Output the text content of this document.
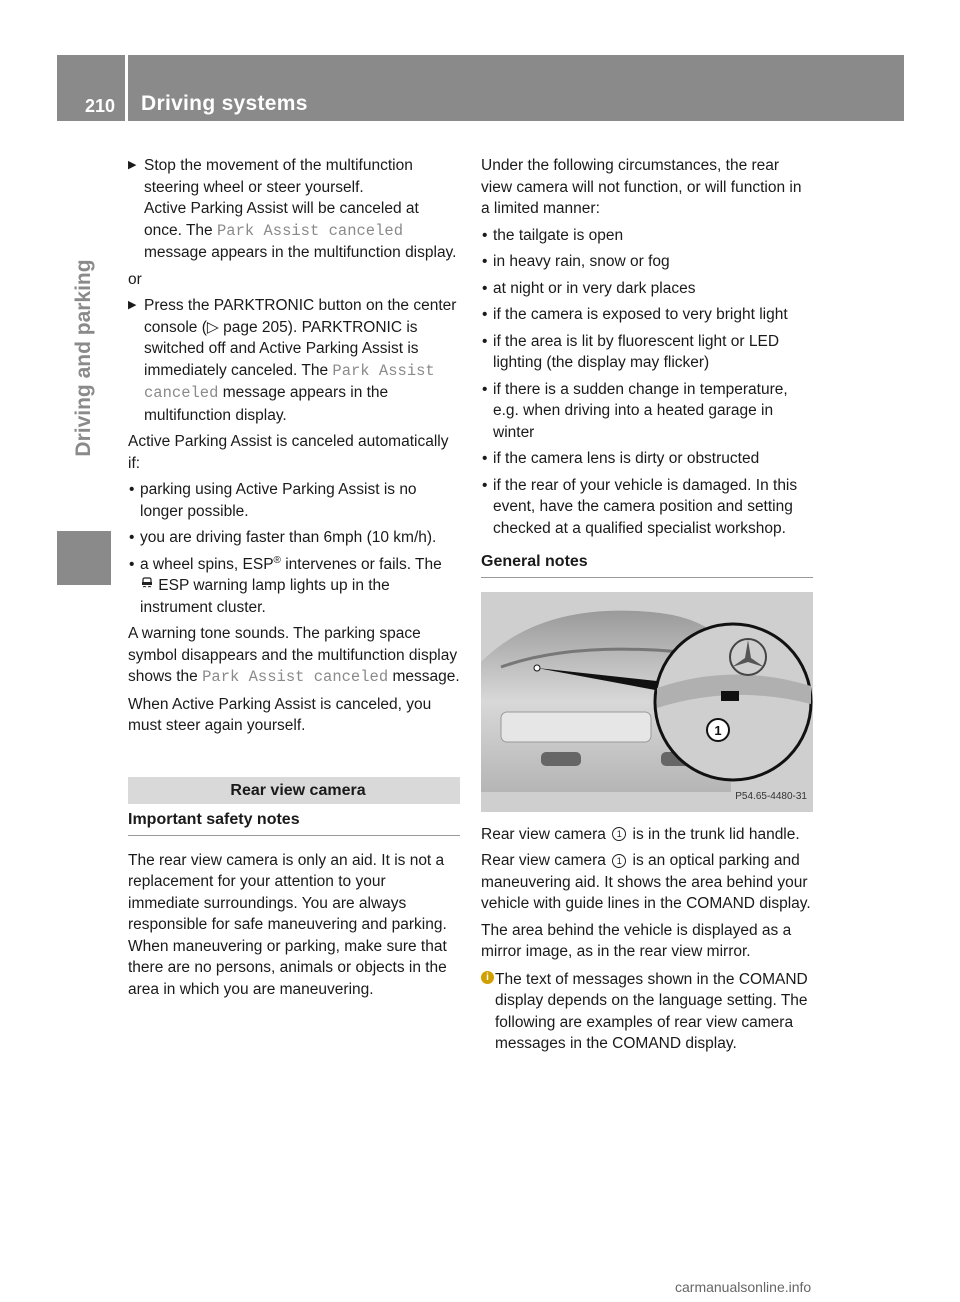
210 Driving systems
Driving and parking
▶ Stop the movement of the multifunction steering wheel or steer yourself.
Active Parking Assist will be canceled at once. The Park Assist canceled message appears in the multifunction display.

or

▶ Press the PARKTRONIC button on the center console (▷ page 205). PARKTRONIC is switched off and Active Parking Assist is immediately canceled. The Park Assist canceled message appears in the multifunction display.

Active Parking Assist is canceled automatically if:

• parking using Active Parking Assist is no longer possible.
• you are driving faster than 6mph (10 km/h).
• a wheel spins, ESP® intervenes or fails. The
ESP warning lamp lights up in the instrument cluster.

A warning tone sounds. The parking space symbol disappears and the multifunction display shows the Park Assist canceled message.

When Active Parking Assist is canceled, you must steer again yourself.

Rear view camera
Important safety notes

The rear view camera is only an aid. It is not a replacement for your attention to your immediate surroundings. You are always responsible for safe maneuvering and parking. When maneuvering or parking, make sure that there are no persons, animals or objects in the area in which you are maneuvering.

Under the following circumstances, the rear view camera will not function, or will function in a limited manner:

• the tailgate is open
• in heavy rain, snow or fog
• at night or in very dark places
• if the camera is exposed to very bright light
• if the area is lit by fluorescent light or LED lighting (the display may flicker)
• if there is a sudden change in temperature, e.g. when driving into a heated garage in winter
• if the camera lens is dirty or obstructed
• if the rear of your vehicle is damaged. In this event, have the camera position and setting checked at a qualified specialist workshop.
General notes
1
P54.65-4480-31

Rear view camera 1 is in the trunk lid handle.

Rear view camera 1 is an optical parking and maneuvering aid. It shows the area behind your vehicle with guide lines in the COMAND display.

The area behind the vehicle is displayed as a mirror image, as in the rear view mirror.

i The text of messages shown in the COMAND display depends on the language setting. The following are examples of rear view camera messages in the COMAND display.
carmanualsonline.info
